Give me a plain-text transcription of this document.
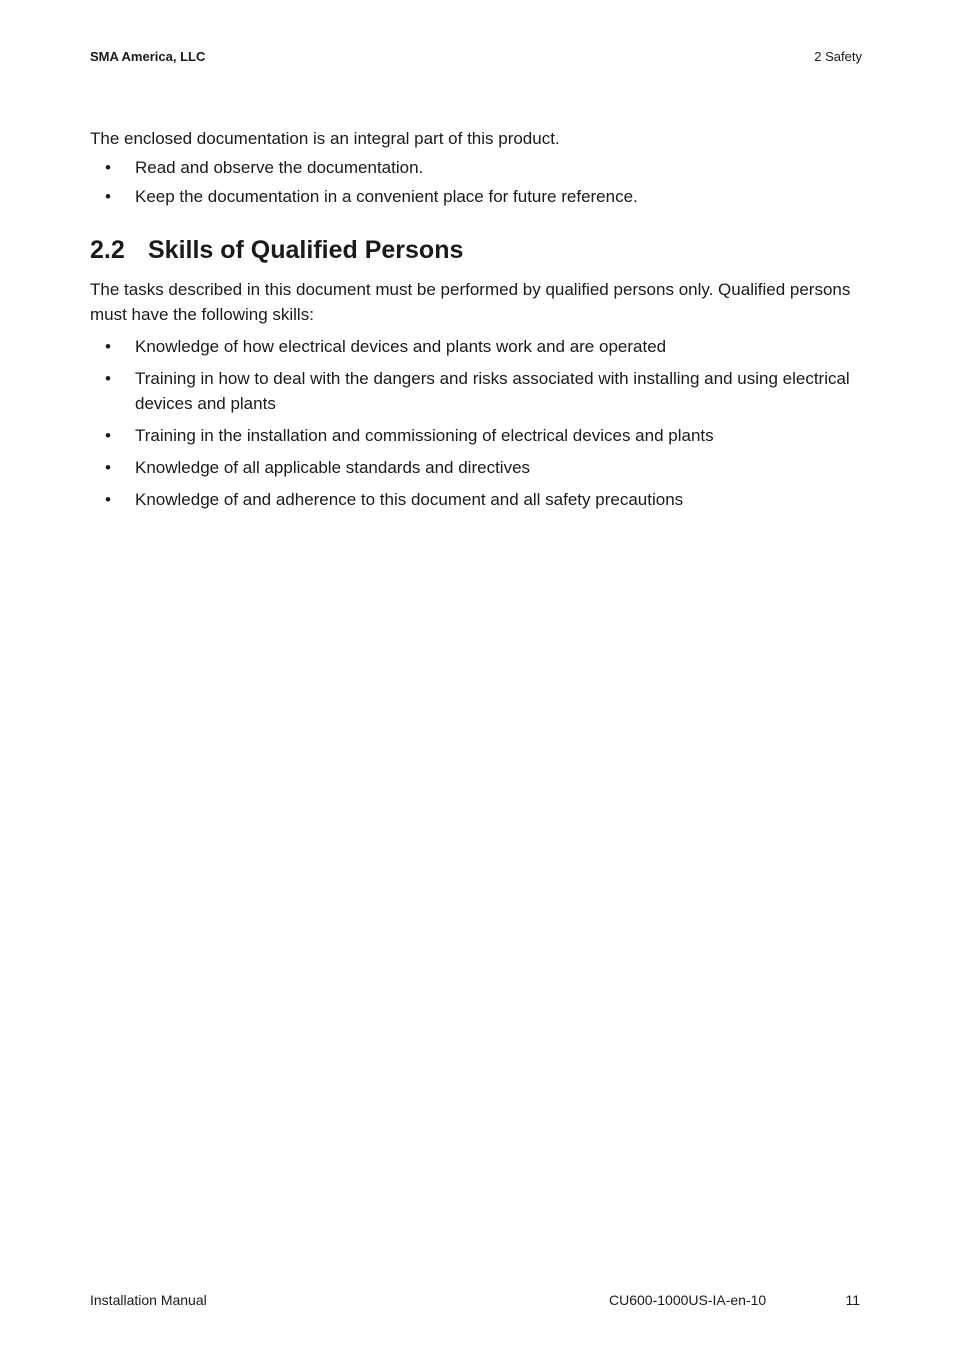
SMA America, LLC	2 Safety

The enclosed documentation is an integral part of this product.

• Read and observe the documentation.
• Keep the documentation in a convenient place for future reference.
2.2 Skills of Qualified Persons

The tasks described in this document must be performed by qualified persons only. Qualified persons must have the following skills:

• Knowledge of how electrical devices and plants work and are operated
• Training in how to deal with the dangers and risks associated with installing and using electrical devices and plants
• Training in the installation and commissioning of electrical devices and plants
• Knowledge of all applicable standards and directives
• Knowledge of and adherence to this document and all safety precautions
Installation Manual	CU600-1000US-IA-en-10	11
